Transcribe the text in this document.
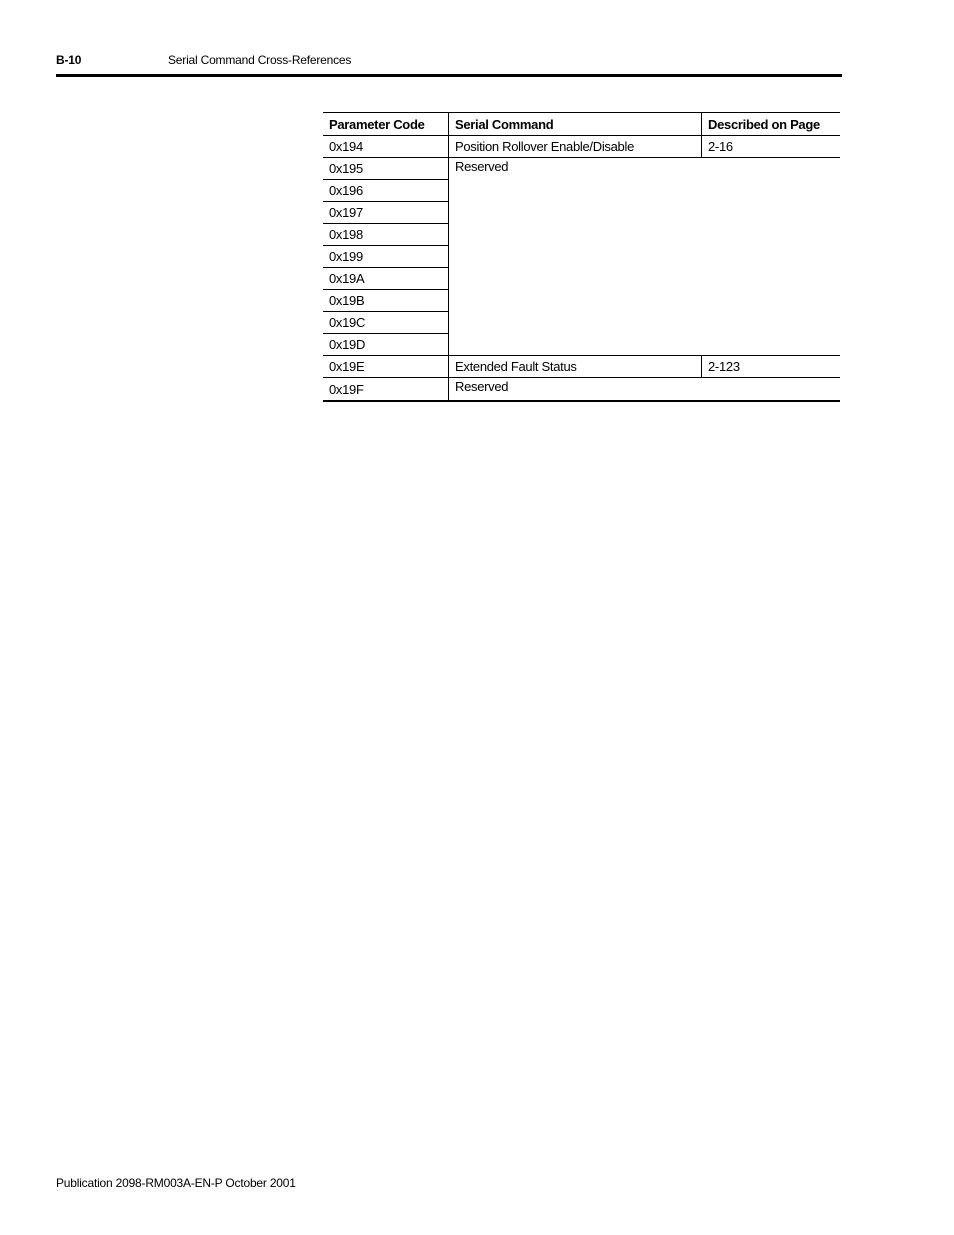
B-10	Serial Command Cross-References
Parameter Code	Serial Command	Described on Page
0x194	Position Rollover Enable/Disable	2-16
0x195	Reserved	
0x196		
0x197		
0x198		
0x199		
0x19A		
0x19B		
0x19C		
0x19D		
0x19E	Extended Fault Status	2-123
0x19F	Reserved	
Publication 2098-RM003A-EN-P October 2001
